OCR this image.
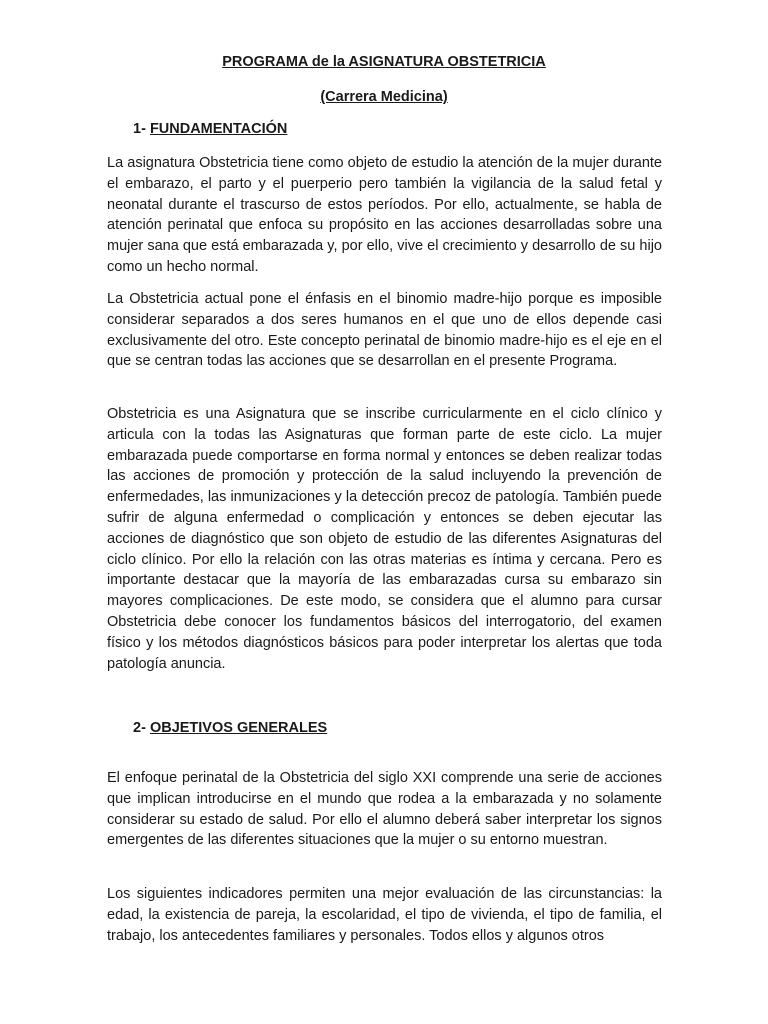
PROGRAMA de la ASIGNATURA OBSTETRICIA
(Carrera Medicina)
1- FUNDAMENTACIÓN

La asignatura Obstetricia tiene como objeto de estudio la atención de la mujer durante el embarazo, el parto y el puerperio pero también la vigilancia de la salud fetal y neonatal durante el trascurso de estos períodos. Por ello, actualmente, se habla de atención perinatal que enfoca su propósito en las acciones desarrolladas sobre una mujer sana que está embarazada y, por ello, vive el crecimiento y desarrollo de su hijo como un hecho normal.

La Obstetricia actual pone el énfasis en el binomio madre-hijo porque es imposible considerar separados a dos seres humanos en el que uno de ellos depende casi exclusivamente del otro. Este concepto perinatal de binomio madre-hijo es el eje en el que se centran todas las acciones que se desarrollan en el presente Programa.

Obstetricia es una Asignatura que se inscribe curricularmente en el ciclo clínico y articula con la todas las Asignaturas que forman parte de este ciclo. La mujer embarazada puede comportarse en forma normal y entonces se deben realizar todas las acciones de promoción y protección de la salud incluyendo la prevención de enfermedades, las inmunizaciones y la detección precoz de patología. También puede sufrir de alguna enfermedad o complicación y entonces se deben ejecutar las acciones de diagnóstico que son objeto de estudio de las diferentes Asignaturas del ciclo clínico. Por ello la relación con las otras materias es íntima y cercana. Pero es importante destacar que la mayoría de las embarazadas cursa su embarazo sin mayores complicaciones. De este modo, se considera que el alumno para cursar Obstetricia debe conocer los fundamentos básicos del interrogatorio, del examen físico y los métodos diagnósticos básicos para poder interpretar los alertas que toda patología anuncia.

2- OBJETIVOS GENERALES

El enfoque perinatal de la Obstetricia del siglo XXI comprende una serie de acciones que implican introducirse en el mundo que rodea a la embarazada y no solamente considerar su estado de salud. Por ello el alumno deberá saber interpretar los signos emergentes de las diferentes situaciones que la mujer o su entorno muestran.

Los siguientes indicadores permiten una mejor evaluación de las circunstancias: la edad, la existencia de pareja, la escolaridad, el tipo de vivienda, el tipo de familia, el trabajo, los antecedentes familiares y personales. Todos ellos y algunos otros
